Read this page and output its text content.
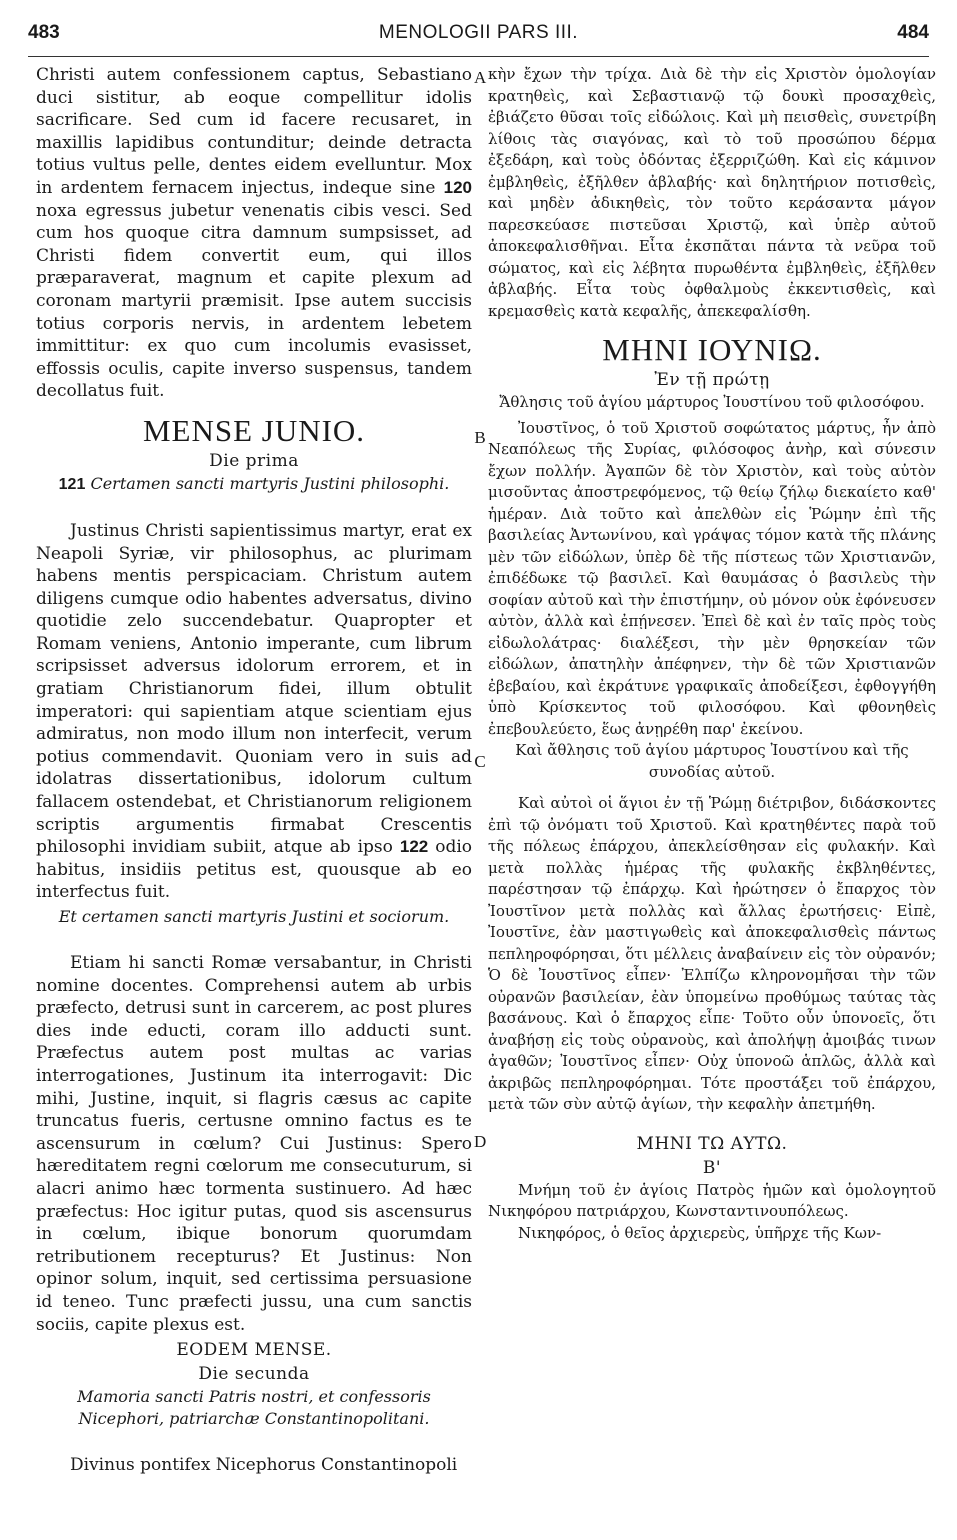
483	MENOLOGII PARS III.	484
A
B
C
D

Christi autem confessionem captus, Sebastiano duci sistitur, ab eoque compellitur idolis sacrificare. Sed cum id facere recusaret, in maxillis lapidibus contunditur; deinde detracta totius vultus pelle, dentes eidem evelluntur. Mox in ardentem fernacem injectus, indeque sine 120 noxa egressus jubetur venenatis cibis vesci. Sed cum hos quoque citra damnum sumpsisset, ad Christi fidem convertit eum, qui illos præparaverat, magnum et capite plexum ad coronam martyrii præmisit. Ipse autem succisis totius corporis nervis, in ardentem lebetem immittitur: ex quo cum incolumis evasisset, effossis oculis, capite inverso suspensus, tandem decollatus fuit.

MENSE JUNIO.
Die prima
121 Certamen sancti martyris Justini philosophi.

Justinus Christi sapientissimus martyr, erat ex Neapoli Syriæ, vir philosophus, ac plurimam habens mentis perspicaciam. Christum autem diligens cumque odio habentes adversatus, divino quotidie zelo succendebatur. Quapropter et Romam veniens, Antonio imperante, cum librum scripsisset adversus idolorum errorem, et in gratiam Christianorum fidei, illum obtulit imperatori: qui sapientiam atque scientiam ejus admiratus, non modo illum non interfecit, verum potius commendavit. Quoniam vero in suis ad idolatras dissertationibus, idolorum cultum fallacem ostendebat, et Christianorum religionem scriptis argumentis firmabat Crescentis philosophi invidiam subiit, atque ab ipso 122 odio habitus, insidiis petitus est, quousque ab eo interfectus fuit.

Et certamen sancti martyris Justini et sociorum.

Etiam hi sancti Romæ versabantur, in Christi nomine docentes. Comprehensi autem ab urbis præfecto, detrusi sunt in carcerem, ac post plures dies inde educti, coram illo adducti sunt. Præfectus autem post multas ac varias interrogationes, Justinum ita interrogavit: Dic mihi, Justine, inquit, si flagris cæsus ac capite truncatus fueris, certusne omnino factus es te ascensurum in cœlum? Cui Justinus: Spero hæreditatem regni cœlorum me consecuturum, si alacri animo hæc tormenta sustinuero. Ad hæc præfectus: Hoc igitur putas, quod sis ascensurus in cœlum, ibique bonorum quorumdam retributionem recepturus? Et Justinus: Non opinor solum, inquit, sed certissima persuasione id teneo. Tunc præfecti jussu, una cum sanctis sociis, capite plexus est.

EODEM MENSE.
Die secunda
Mamoria sancti Patris nostri, et confessoris Nicephori, patriarchæ Constantinopolitani.

Divinus pontifex Nicephorus Constantinopoli

κὴν ἔχων τὴν τρίχα. Διὰ δὲ τὴν εἰς Χριστὸν ὁμολογίαν κρατηθεὶς, καὶ Σεβαστιανῷ τῷ δουκὶ προσαχθεὶς, ἐβιάζετο θῦσαι τοῖς εἰδώλοις. Καὶ μὴ πεισθεὶς, συνετρίβη λίθοις τὰς σιαγόνας, καὶ τὸ τοῦ προσώπου δέρμα ἐξεδάρη, καὶ τοὺς ὀδόντας ἐξερριζώθη. Καὶ εἰς κάμινον ἐμβληθεὶς, ἐξῆλθεν ἀβλαβής· καὶ δηλητήριον ποτισθεὶς, καὶ μηδὲν ἀδικηθεὶς, τὸν τοῦτο κεράσαντα μάγον παρεσκεύασε πιστεῦσαι Χριστῷ, καὶ ὑπὲρ αὐτοῦ ἀποκεφαλισθῆναι. Εἶτα ἐκσπᾶται πάντα τὰ νεῦρα τοῦ σώματος, καὶ εἰς λέβητα πυρωθέντα ἐμβληθεὶς, ἐξῆλθεν ἀβλαβής. Εἶτα τοὺς ὀφθαλμοὺς ἐκκεντισθεὶς, καὶ κρεμασθεὶς κατὰ κεφαλῆς, ἀπεκεφαλίσθη.

ΜΗΝΙ ΙΟΥΝΙΩ.
Ἐν τῇ πρώτῃ
Ἄθλησις τοῦ ἁγίου μάρτυρος Ἰουστίνου τοῦ φιλοσόφου.

Ἰουστῖνος, ὁ τοῦ Χριστοῦ σοφώτατος μάρτυς, ἦν ἀπὸ Νεαπόλεως τῆς Συρίας, φιλόσοφος ἀνὴρ, καὶ σύνεσιν ἔχων πολλήν. Ἀγαπῶν δὲ τὸν Χριστὸν, καὶ τοὺς αὐτὸν μισοῦντας ἀποστρεφόμενος, τῷ θείῳ ζήλῳ διεκαίετο καθ' ἡμέραν. Διὰ τοῦτο καὶ ἀπελθὼν εἰς Ῥώμην ἐπὶ τῆς βασιλείας Ἀντωνίνου, καὶ γράψας τόμον κατὰ τῆς πλάνης μὲν τῶν εἰδώλων, ὑπὲρ δὲ τῆς πίστεως τῶν Χριστιανῶν, ἐπιδέδωκε τῷ βασιλεῖ. Καὶ θαυμάσας ὁ βασιλεὺς τὴν σοφίαν αὐτοῦ καὶ τὴν ἐπιστήμην, οὐ μόνον οὐκ ἐφόνευσεν αὐτὸν, ἀλλὰ καὶ ἐπῄνεσεν. Ἐπεὶ δὲ καὶ ἐν ταῖς πρὸς τοὺς εἰδωλολάτρας· διαλέξεσι, τὴν μὲν θρησκείαν τῶν εἰδώλων, ἀπατηλὴν ἀπέφηνεν, τὴν δὲ τῶν Χριστιανῶν ἐβεβαίου, καὶ ἐκράτυνε γραφικαῖς ἀποδείξεσι, ἐφθογγήθη ὑπὸ Κρίσκεντος τοῦ φιλοσόφου. Καὶ φθονηθεὶς ἐπεβουλεύετο, ἕως ἀνῃρέθη παρ' ἐκείνου.

Καὶ ἄθλησις τοῦ ἁγίου μάρτυρος Ἰουστίνου καὶ τῆς συνοδίας αὐτοῦ.

Καὶ αὐτοὶ οἱ ἅγιοι ἐν τῇ Ῥώμῃ διέτριβον, διδάσκοντες ἐπὶ τῷ ὀνόματι τοῦ Χριστοῦ. Καὶ κρατηθέντες παρὰ τοῦ τῆς πόλεως ἐπάρχου, ἀπεκλείσθησαν εἰς φυλακήν. Καὶ μετὰ πολλὰς ἡμέρας τῆς φυλακῆς ἐκβληθέντες, παρέστησαν τῷ ἐπάρχῳ. Καὶ ἠρώτησεν ὁ ἔπαρχος τὸν Ἰουστῖνον μετὰ πολλὰς καὶ ἄλλας ἐρωτήσεις· Εἰπὲ, Ἰουστῖνε, ἐὰν μαστιγωθεὶς καὶ ἀποκεφαλισθεὶς πάντως πεπληροφόρησαι, ὅτι μέλλεις ἀναβαίνειν εἰς τὸν οὐρανόν; Ὁ δὲ Ἰουστῖνος εἶπεν· Ἐλπίζω κληρονομῆσαι τὴν τῶν οὐρανῶν βασιλείαν, ἐὰν ὑπομείνω προθύμως ταύτας τὰς βασάνους. Καὶ ὁ ἔπαρχος εἶπε· Τοῦτο οὖν ὑπονοεῖς, ὅτι ἀναβήσῃ εἰς τοὺς οὐρανοὺς, καὶ ἀπολήψῃ ἀμοιβάς τινων ἀγαθῶν; Ἰουστῖνος εἶπεν· Οὐχ ὑπονοῶ ἁπλῶς, ἀλλὰ καὶ ἀκριβῶς πεπληροφόρημαι. Τότε προστάξει τοῦ ἐπάρχου, μετὰ τῶν σὺν αὐτῷ ἁγίων, τὴν κεφαλὴν ἀπετμήθη.

ΜΗΝΙ ΤΩ ΑΥΤΩ.
Β'

Μνήμη τοῦ ἐν ἁγίοις Πατρὸς ἡμῶν καὶ ὁμολογητοῦ Νικηφόρου πατριάρχου, Κωνσταντινουπόλεως.

Νικηφόρος, ὁ θεῖος ἀρχιερεὺς, ὑπῆρχε τῆς Κων-
